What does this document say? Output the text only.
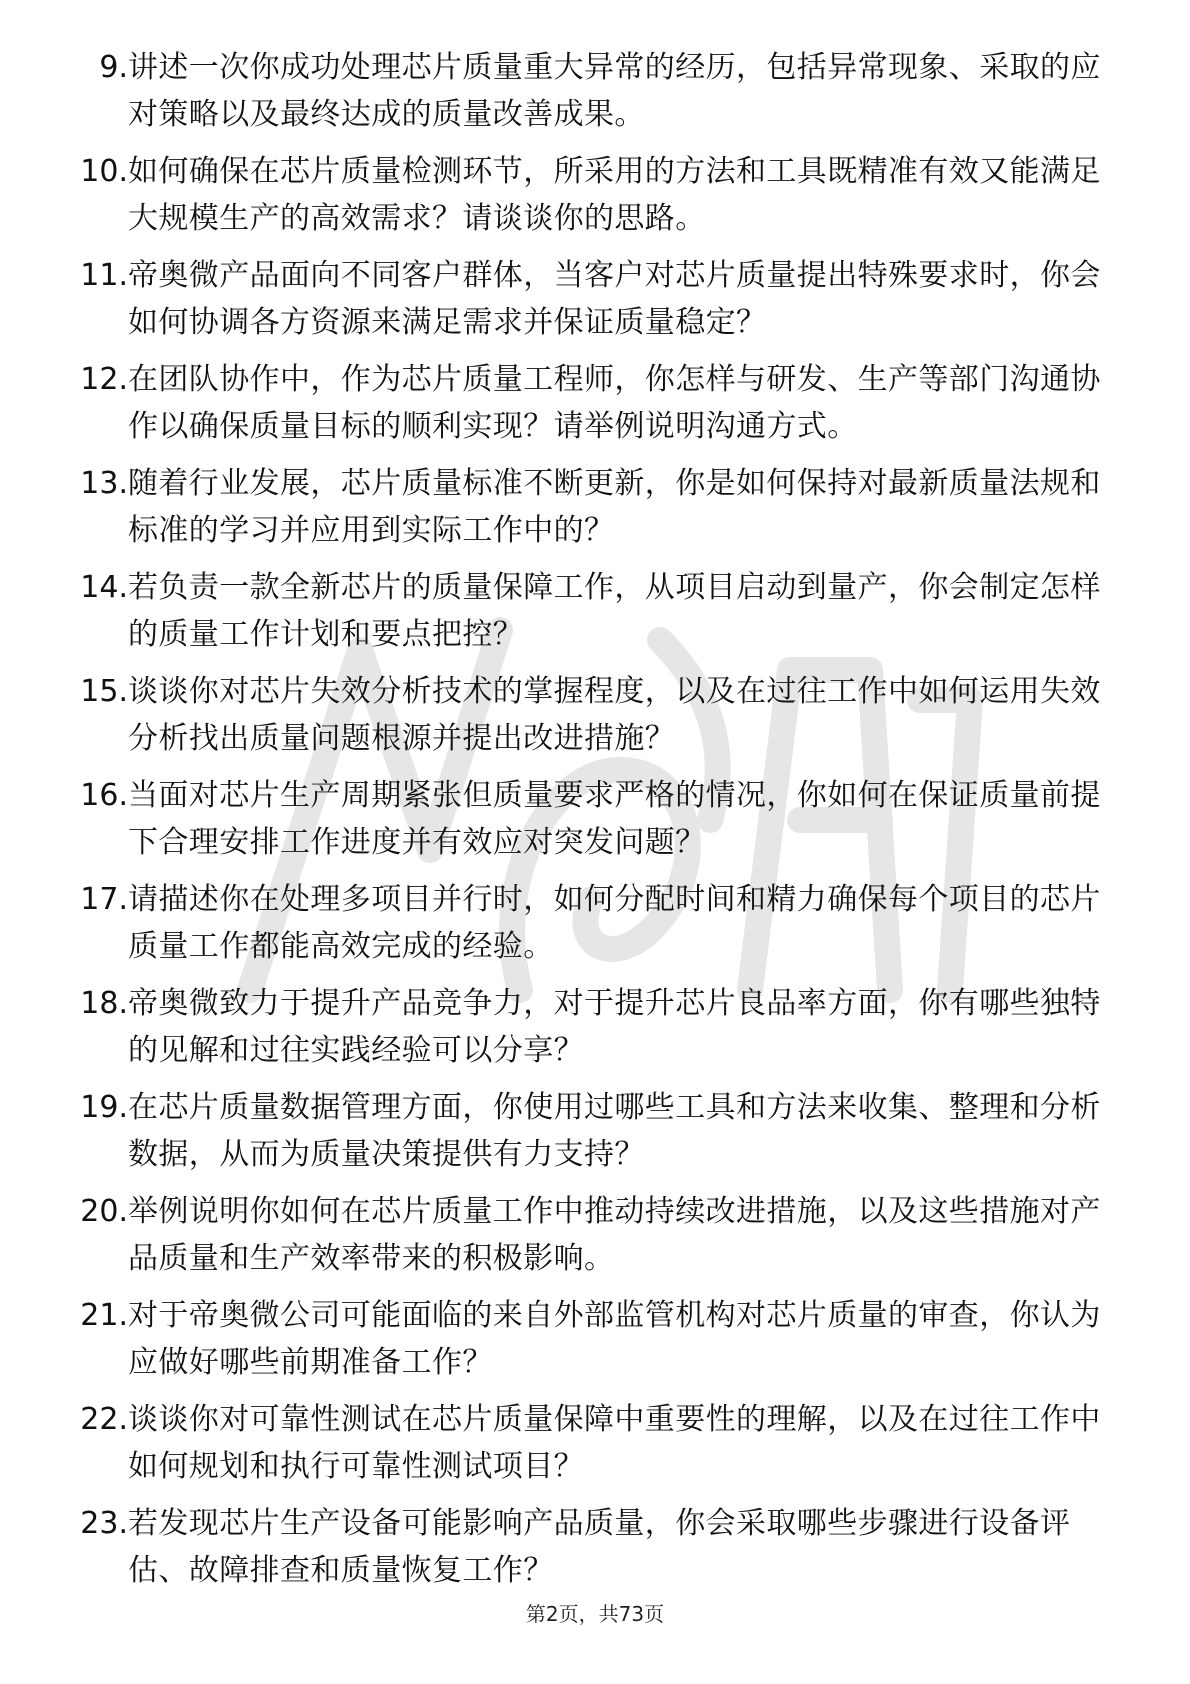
9. 讲述一次你成功处理芯片质量重大异常的经历，包括异常现象、采取的应对策略以及最终达成的质量改善成果。
10. 如何确保在芯片质量检测环节，所采用的方法和工具既精准有效又能满足大规模生产的高效需求？请谈谈你的思路。
11. 帝奥微产品面向不同客户群体，当客户对芯片质量提出特殊要求时，你会如何协调各方资源来满足需求并保证质量稳定？
12. 在团队协作中，作为芯片质量工程师，你怎样与研发、生产等部门沟通协作以确保质量目标的顺利实现？请举例说明沟通方式。
13. 随着行业发展，芯片质量标准不断更新，你是如何保持对最新质量法规和标准的学习并应用到实际工作中的？
14. 若负责一款全新芯片的质量保障工作，从项目启动到量产，你会制定怎样的质量工作计划和要点把控？
15. 谈谈你对芯片失效分析技术的掌握程度，以及在过往工作中如何运用失效分析找出质量问题根源并提出改进措施？
16. 当面对芯片生产周期紧张但质量要求严格的情况，你如何在保证质量前提下合理安排工作进度并有效应对突发问题？
17. 请描述你在处理多项目并行时，如何分配时间和精力确保每个项目的芯片质量工作都能高效完成的经验。
18. 帝奥微致力于提升产品竞争力，对于提升芯片良品率方面，你有哪些独特的见解和过往实践经验可以分享？
19. 在芯片质量数据管理方面，你使用过哪些工具和方法来收集、整理和分析数据，从而为质量决策提供有力支持？
20. 举例说明你如何在芯片质量工作中推动持续改进措施，以及这些措施对产品质量和生产效率带来的积极影响。
21. 对于帝奥微公司可能面临的来自外部监管机构对芯片质量的审查，你认为应做好哪些前期准备工作？
22. 谈谈你对可靠性测试在芯片质量保障中重要性的理解，以及在过往工作中如何规划和执行可靠性测试项目？
23. 若发现芯片生产设备可能影响产品质量，你会采取哪些步骤进行设备评估、故障排查和质量恢复工作？
第2页，共73页
